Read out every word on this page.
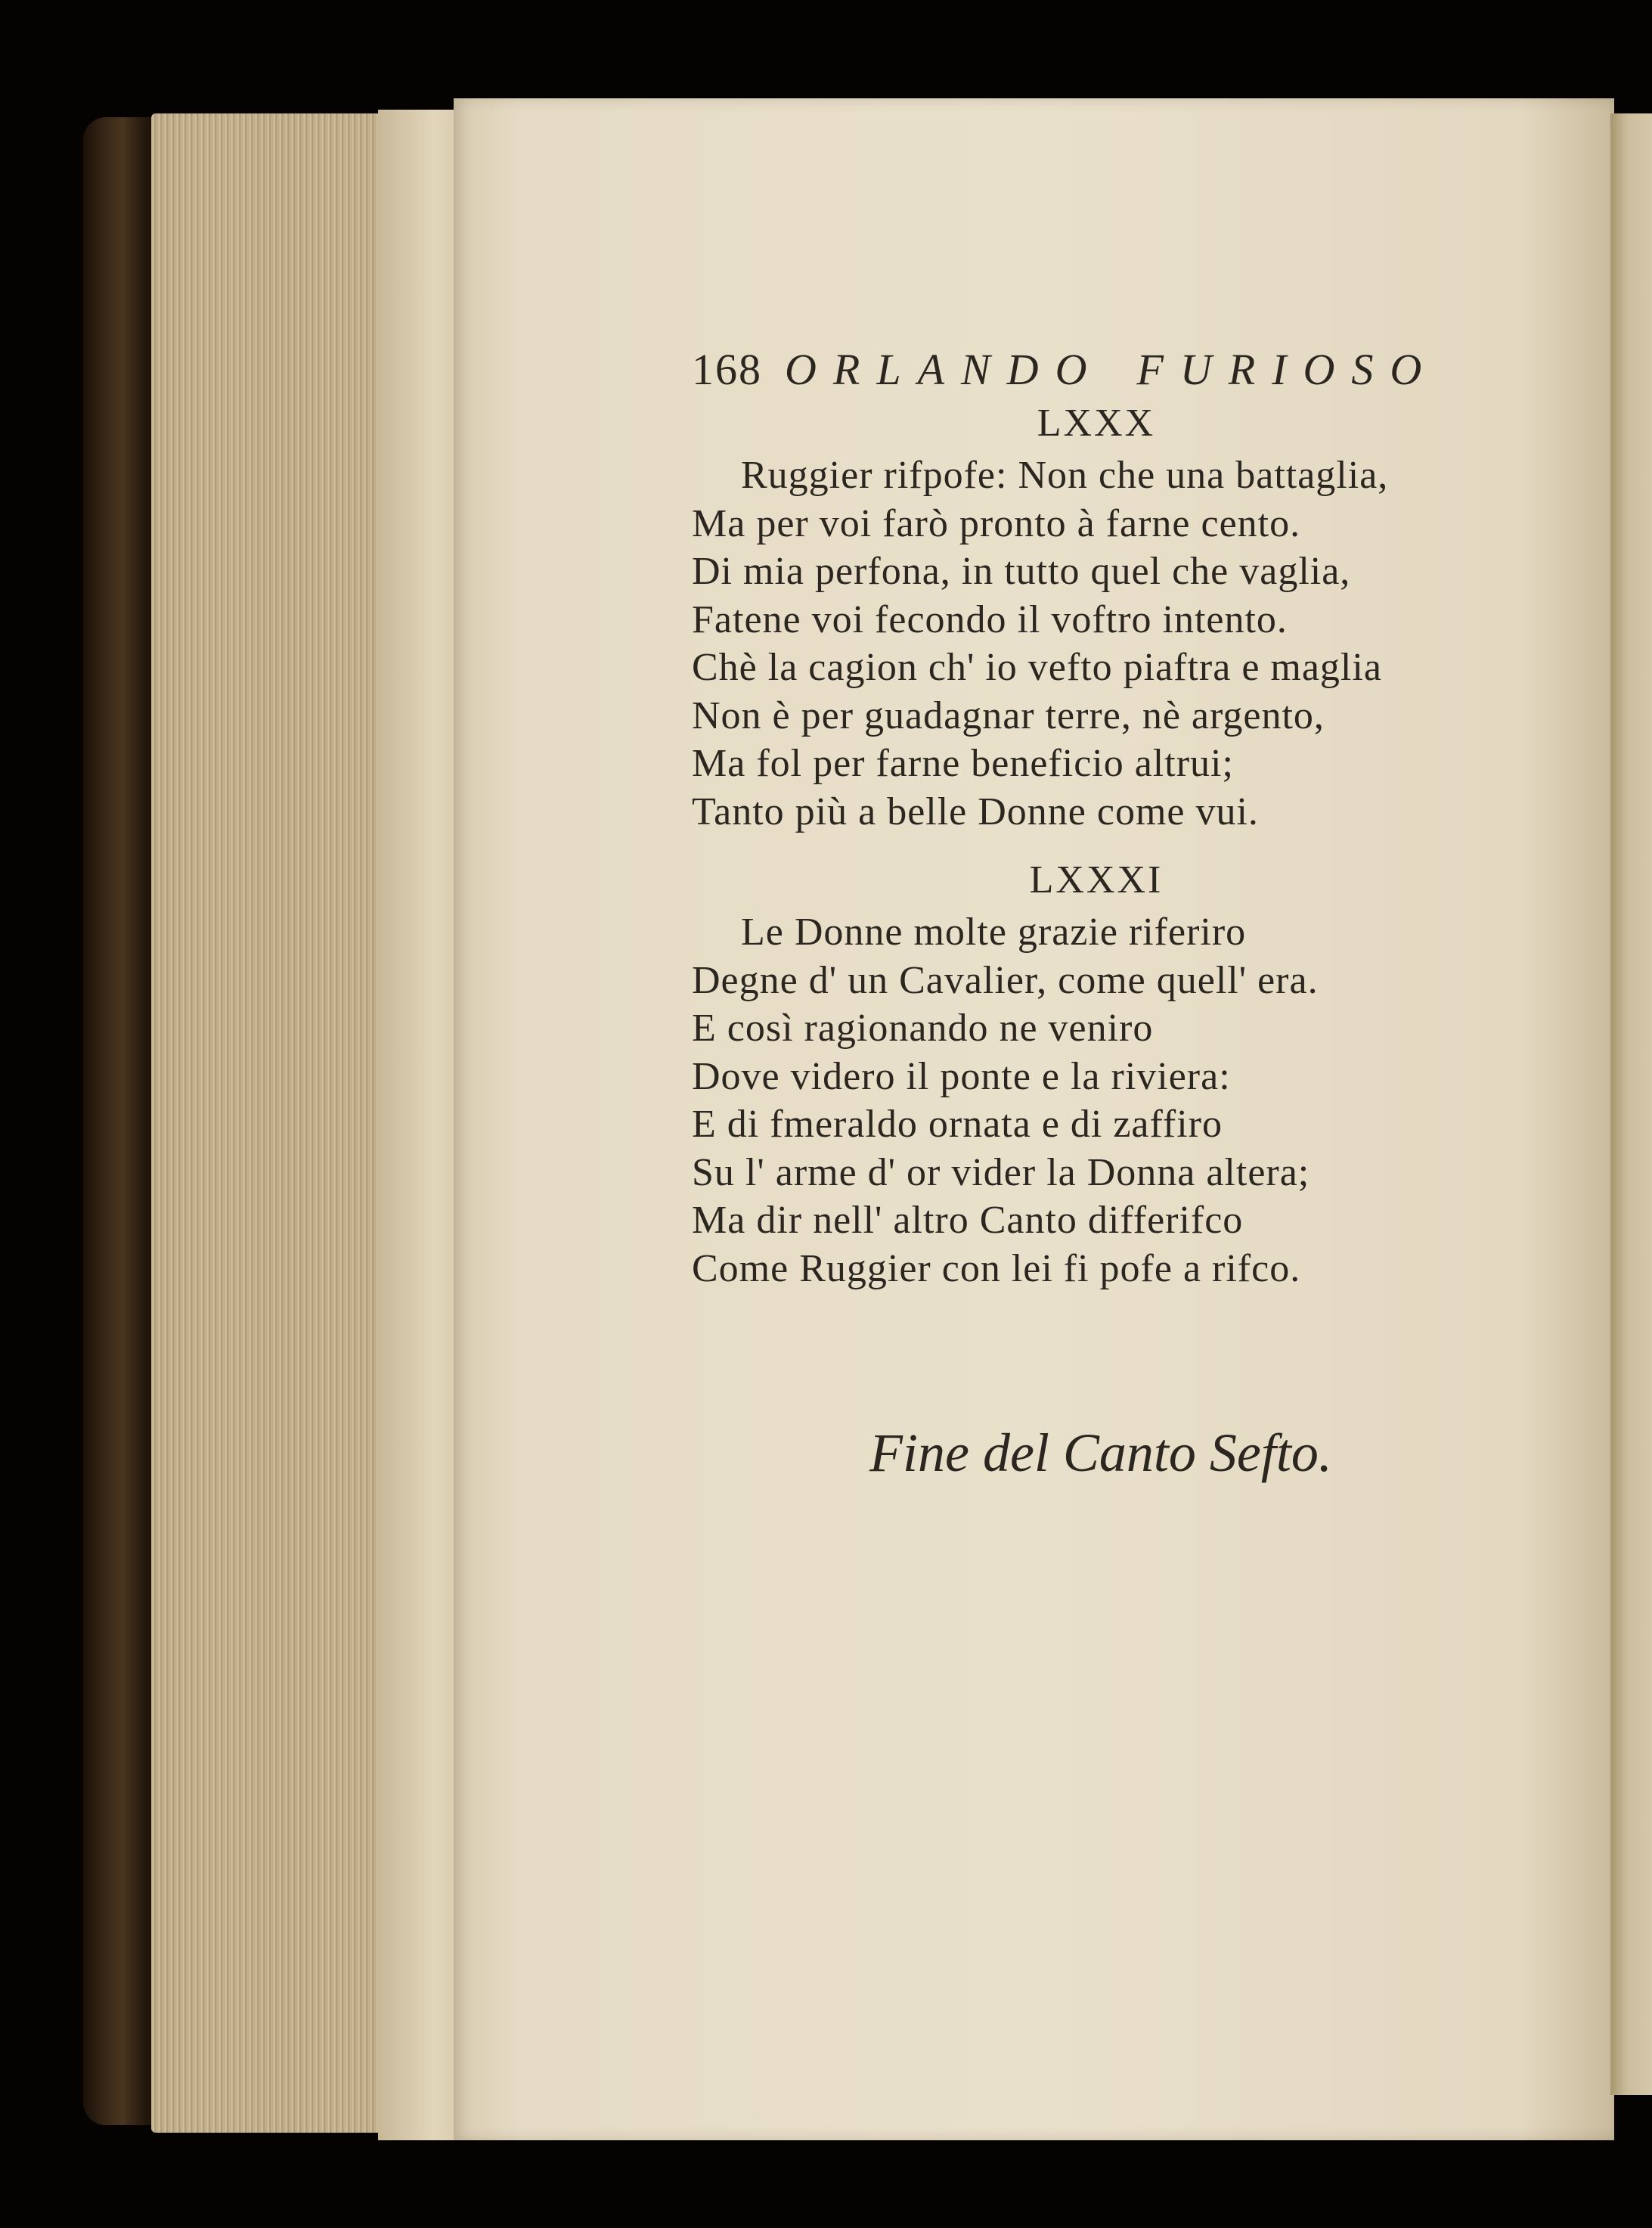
168 ORLANDO FURIOSO
LXXX
Ruggier rifpofe: Non che una battaglia,
Ma per voi farò pronto à farne cento.
Di mia perfona, in tutto quel che vaglia,
Fatene voi fecondo il voftro intento.
Chè la cagion ch' io vefto piaftra e maglia
Non è per guadagnar terre, nè argento,
Ma fol per farne beneficio altrui;
Tanto più a belle Donne come vui.
LXXXI
Le Donne molte grazie riferiro
Degne d' un Cavalier, come quell' era.
E così ragionando ne veniro
Dove videro il ponte e la riviera:
E di fmeraldo ornata e di zaffiro
Su l' arme d' or vider la Donna altera;
Ma dir nell' altro Canto differifco
Come Ruggier con lei fi pofe a rifco.
Fine del Canto Sefto.
